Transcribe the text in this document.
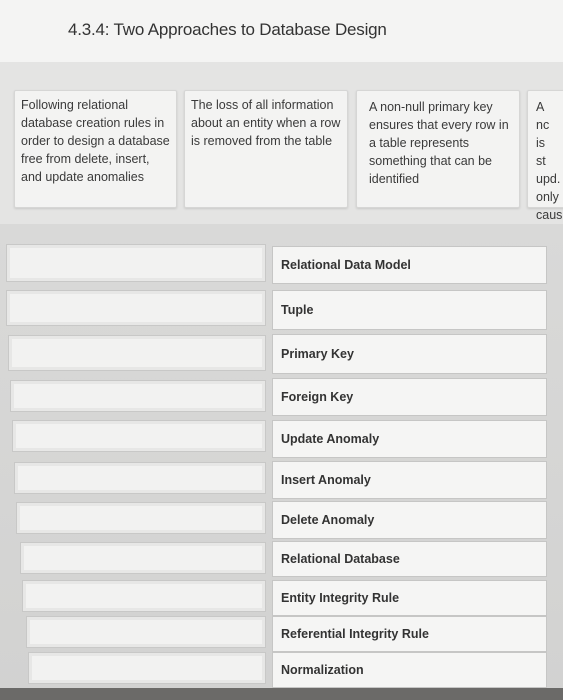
4.3.4: Two Approaches to Database Design
Following relational database creation rules in order to design a database free from delete, insert, and update anomalies
The loss of all information about an entity when a row is removed from the table
A non-null primary key ensures that every row in a table represents something that can be identified
A nc is st upd. only caus
Relational Data Model
Tuple
Primary Key
Foreign Key
Update Anomaly
Insert Anomaly
Delete Anomaly
Relational Database
Entity Integrity Rule
Referential Integrity Rule
Normalization
